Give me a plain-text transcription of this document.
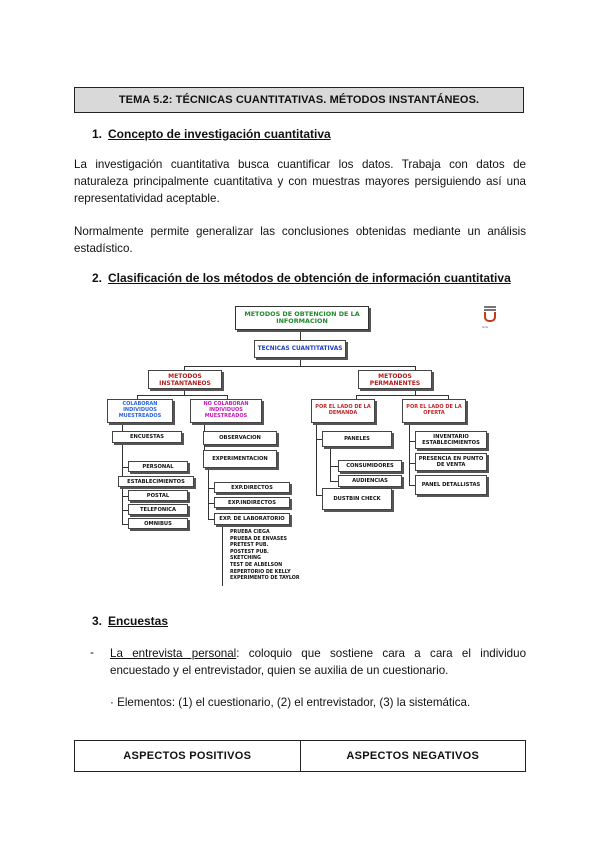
TEMA 5.2: TÉCNICAS CUANTITATIVAS. MÉTODOS INSTANTÁNEOS.
1. Concepto de investigación cuantitativa
La investigación cuantitativa busca cuantificar los datos. Trabaja con datos de naturaleza principalmente cuantitativa y con muestras mayores persiguiendo así una representatividad aceptable.
Normalmente permite generalizar las conclusiones obtenidas mediante un análisis estadístico.
2. Clasificación de los métodos de obtención de información cuantitativa
Univ
METODOS DE OBTENCION DE LA INFORMACION
TECNICAS CUANTITATIVAS
METODOS INSTANTANEOS
METODOS PERMANENTES
COLABORAN INDIVIDUOS MUESTREADOS
NO COLABORAN INDIVIDUOS MUESTREADOS
POR EL LADO DE LA DEMANDA
POR EL LADO DE LA OFERTA
ENCUESTAS
PERSONAL
ESTABLECIMIENTOS
POSTAL
TELEFONICA
OMNIBUS
OBSERVACION
EXPERIMENTACION
EXP.DIRECTOS
EXP.INDIRECTOS
EXP. DE LABORATORIO
PRUEBA CIEGA
PRUEBA DE ENVASES
PRETEST PUB.
POSTEST PUB.
SKETCHING
TEST DE ALBELSON
REPERTORIO DE KELLY
EXPERIMENTO DE TAYLOR
PANELES
CONSUMIDORES
AUDIENCIAS
DUSTBIN CHECK
INVENTARIO ESTABLECIMIENTOS
PRESENCIA EN PUNTO DE VENTA
PANEL DETALLISTAS
3. Encuestas
- La entrevista personal: coloquio que sostiene cara a cara el individuo encuestado y el entrevistador, quien se auxilia de un cuestionario.
· Elementos: (1) el cuestionario, (2) el entrevistador, (3) la sistemática.
ASPECTOS POSITIVOS	ASPECTOS NEGATIVOS
